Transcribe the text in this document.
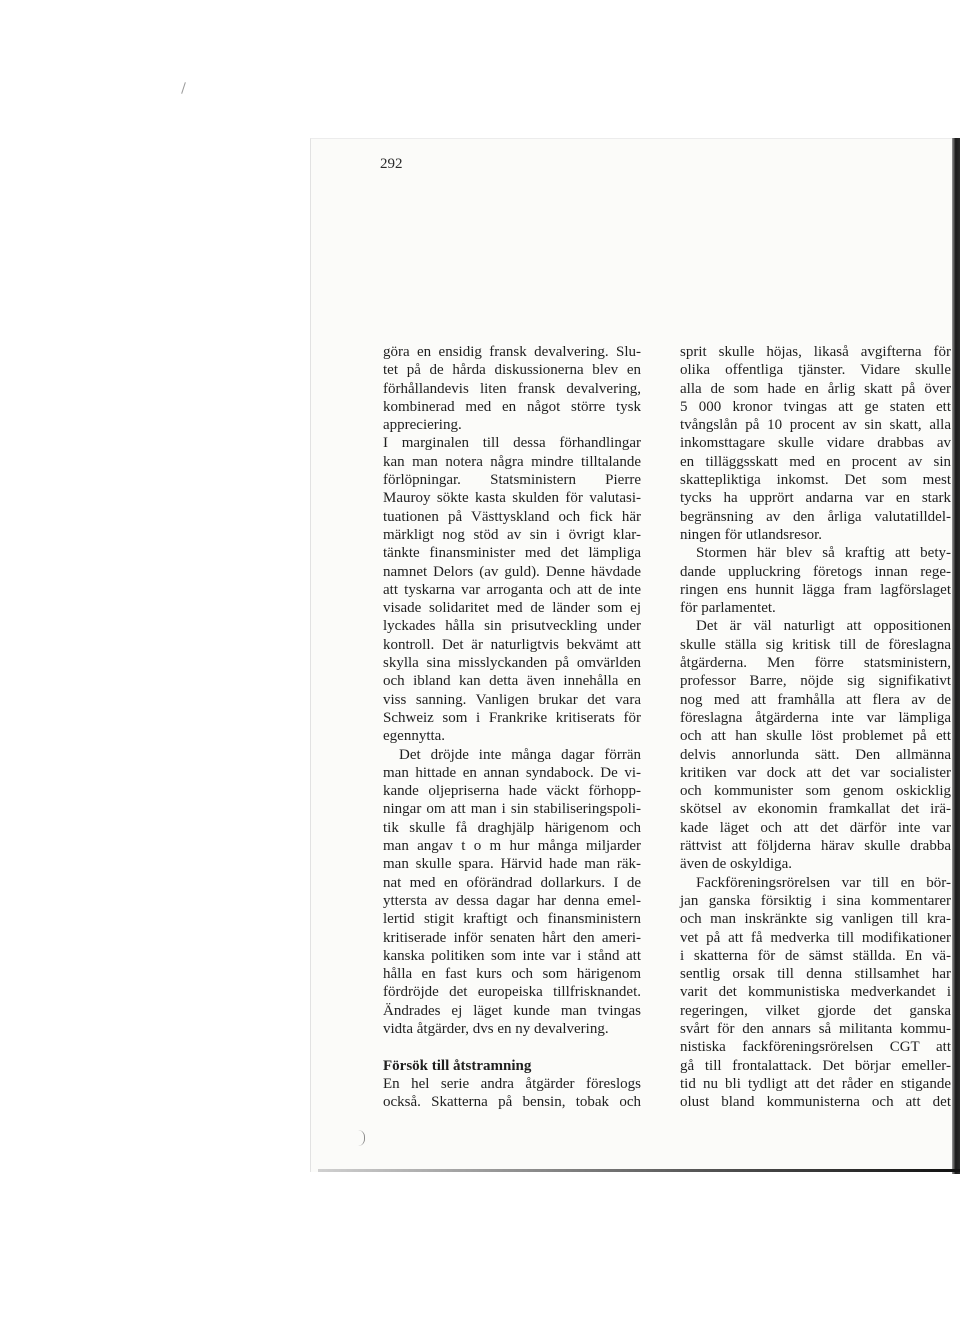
292
göra en ensidig fransk devalvering. Slu-
tet på de hårda diskussionerna blev en
förhållandevis liten fransk devalvering,
kombinerad med en något större tysk
appreciering.
I marginalen till dessa förhandlingar
kan man notera några mindre tilltalande
förlöpningar. Statsministern Pierre
Mauroy sökte kasta skulden för valutasi-
tuationen på Västtyskland och fick här
märkligt nog stöd av sin i övrigt klar-
tänkte finansminister med det lämpliga
namnet Delors (av guld). Denne hävdade
att tyskarna var arroganta och att de inte
visade solidaritet med de länder som ej
lyckades hålla sin prisutveckling under
kontroll. Det är naturligtvis bekvämt att
skylla sina misslyckanden på omvärlden
och ibland kan detta även innehålla en
viss sanning. Vanligen brukar det vara
Schweiz som i Frankrike kritiserats för
egennytta.
Det dröjde inte många dagar förrän
man hittade en annan syndabock. De vi-
kande oljepriserna hade väckt förhopp-
ningar om att man i sin stabiliseringspoli-
tik skulle få draghjälp härigenom och
man angav t o m hur många miljarder
man skulle spara. Härvid hade man räk-
nat med en oförändrad dollarkurs. I de
yttersta av dessa dagar har denna emel-
lertid stigit kraftigt och finansministern
kritiserade inför senaten hårt den ameri-
kanska politiken som inte var i stånd att
hålla en fast kurs och som härigenom
fördröjde det europeiska tillfrisknandet.
Ändrades ej läget kunde man tvingas
vidta åtgärder, dvs en ny devalvering.
Försök till åtstramning
En hel serie andra åtgärder föreslogs
också. Skatterna på bensin, tobak och
sprit skulle höjas, likaså avgifterna för
olika offentliga tjänster. Vidare skulle
alla de som hade en årlig skatt på över
5 000 kronor tvingas att ge staten ett
tvångslån på 10 procent av sin skatt, alla
inkomsttagare skulle vidare drabbas av
en tilläggsskatt med en procent av sin
skattepliktiga inkomst. Det som mest
tycks ha upprört andarna var en stark
begränsning av den årliga valutatilldel-
ningen för utlandsresor.
Stormen här blev så kraftig att bety-
dande uppluckring företogs innan rege-
ringen ens hunnit lägga fram lagförslaget
för parlamentet.
Det är väl naturligt att oppositionen
skulle ställa sig kritisk till de föreslagna
åtgärderna. Men förre statsministern,
professor Barre, nöjde sig signifikativt
nog med att framhålla att flera av de
föreslagna åtgärderna inte var lämpliga
och att han skulle löst problemet på ett
delvis annorlunda sätt. Den allmänna
kritiken var dock att det var socialister
och kommunister som genom oskicklig
skötsel av ekonomin framkallat det irä-
kade läget och att det därför inte var
rättvist att följderna härav skulle drabba
även de oskyldiga.
Fackföreningsrörelsen var till en bör-
jan ganska försiktig i sina kommentarer
och man inskränkte sig vanligen till kra-
vet på att få medverka till modifikationer
i skatterna för de sämst ställda. En vä-
sentlig orsak till denna stillsamhet har
varit det kommunistiska medverkandet i
regeringen, vilket gjorde det ganska
svårt för den annars så militanta kommu-
nistiska fackföreningsrörelsen CGT att
gå till frontalattack. Det börjar emeller-
tid nu bli tydligt att det råder en stigande
olust bland kommunisterna och att det
